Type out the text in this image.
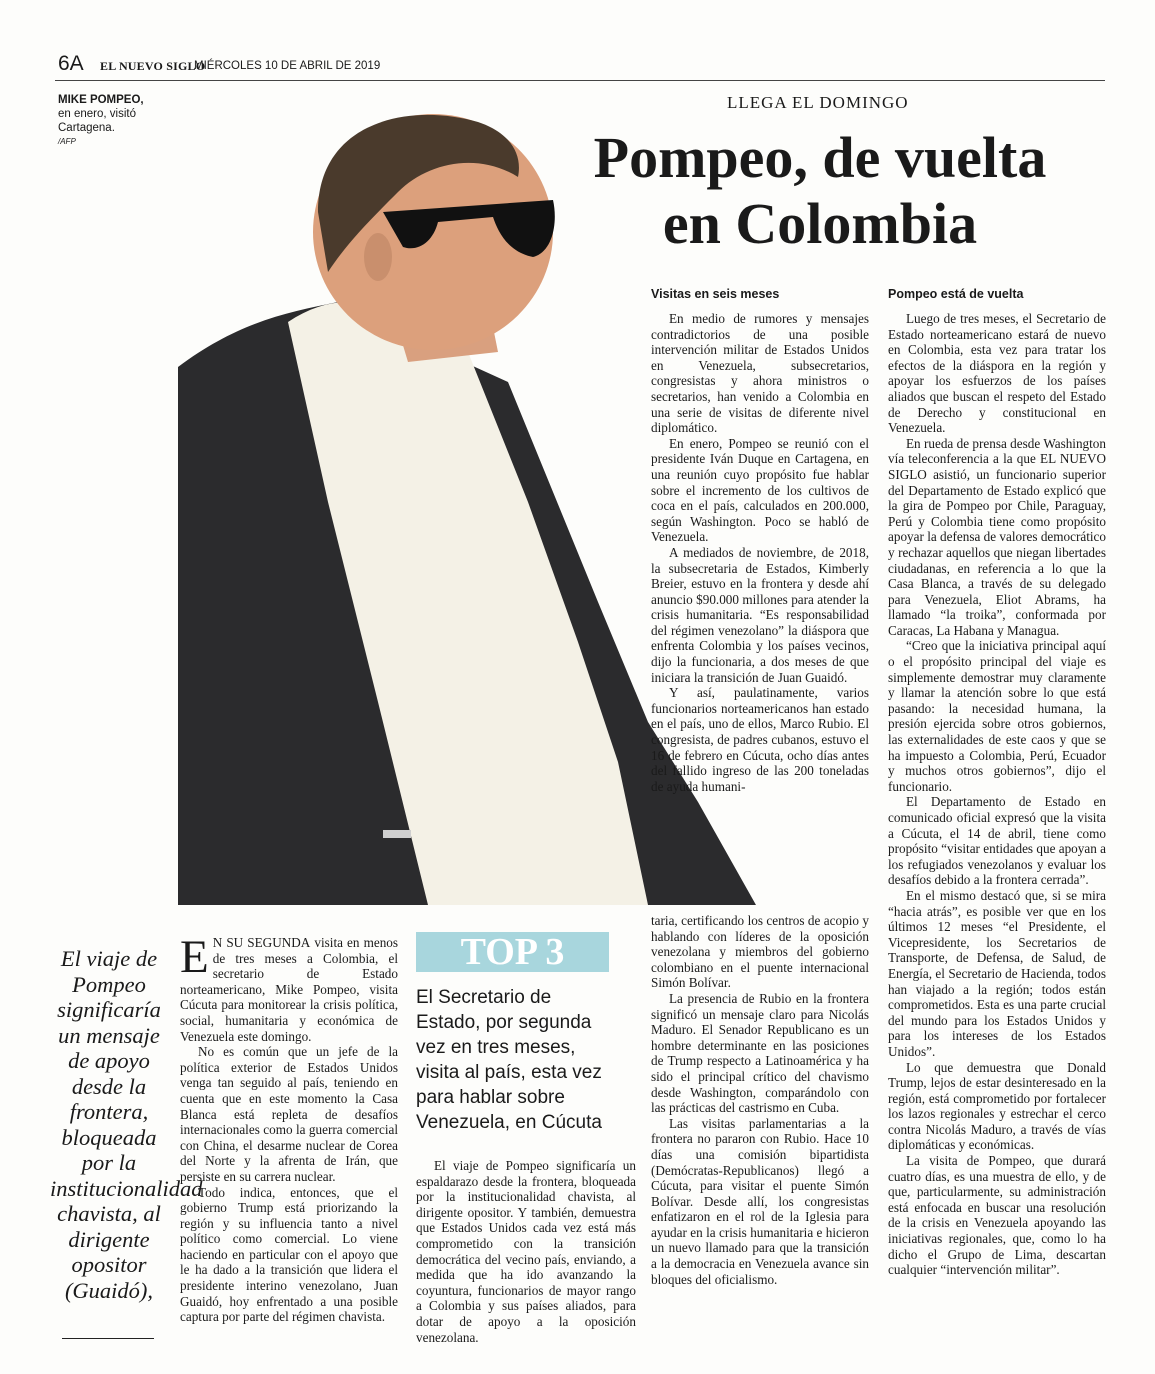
6A EL NUEVO SIGLO
MIÉRCOLES 10 DE ABRIL DE 2019
MIKE POMPEO,
en enero, visitó
Cartagena.
/AFP
LLEGA EL DOMINGO
Pompeo, de vuelta
en Colombia
Visitas en seis meses	Pompeo está de vuelta

En medio de rumores y mensajes contradictorios de una posible intervención militar de Estados Unidos en Venezuela, subsecretarios, congresistas y ahora ministros o secretarios, han venido a Colombia en una serie de visitas de diferente nivel diplomático.

En enero, Pompeo se reunió con el presidente Iván Duque en Cartagena, en una reunión cuyo propósito fue hablar sobre el incremento de los cultivos de coca en el país, calculados en 200.000, según Washington. Poco se habló de Venezuela.

A mediados de noviembre, de 2018, la subsecretaria de Estados, Kimberly Breier, estuvo en la frontera y desde ahí anuncio $90.000 millones para atender la crisis humanitaria. “Es responsabilidad del régimen venezolano” la diáspora que enfrenta Colombia y los países vecinos, dijo la funcionaria, a dos meses de que iniciara la transición de Juan Guaidó.

Y así, paulatinamente, varios funcionarios norteamericanos han estado en el país, uno de ellos, Marco Rubio. El congresista, de padres cubanos, estuvo el 16 de febrero en Cúcuta, ocho días antes del fallido ingreso de las 200 toneladas de ayuda humani-

Luego de tres meses, el Secretario de Estado norteamericano estará de nuevo en Colombia, esta vez para tratar los efectos de la diáspora en la región y apoyar los esfuerzos de los países aliados que buscan el respeto del Estado de Derecho y constitucional en Venezuela.

En rueda de prensa desde Washington vía teleconferencia a la que EL NUEVO SIGLO asistió, un funcionario superior del Departamento de Estado explicó que la gira de Pompeo por Chile, Paraguay, Perú y Colombia tiene como propósito apoyar la defensa de valores democrático y rechazar aquellos que niegan libertades ciudadanas, en referencia a lo que la Casa Blanca, a través de su delegado para Venezuela, Eliot Abrams, ha llamado “la troika”, conformada por Caracas, La Habana y Managua.

“Creo que la iniciativa principal aquí o el propósito principal del viaje es simplemente demostrar muy claramente y llamar la atención sobre lo que está pasando: la necesidad humana, la presión ejercida sobre otros gobiernos, las externalidades de este caos y que se ha impuesto a Colombia, Perú, Ecuador y muchos otros gobiernos”, dijo el funcionario.

El Departamento de Estado en comunicado oficial expresó que la visita a Cúcuta, el 14 de abril, tiene como propósito “visitar entidades que apoyan a los refugiados venezolanos y evaluar los desafíos debido a la frontera cerrada”.

En el mismo destacó que, si se mira “hacia atrás”, es posible ver que en los últimos 12 meses “el Presidente, el Vicepresidente, los Secretarios de Transporte, de Defensa, de Salud, de Energía, el Secretario de Hacienda, todos han viajado a la región; todos están comprometidos. Esta es una parte crucial del mundo para los Estados Unidos y para los intereses de los Estados Unidos”.

Lo que demuestra que Donald Trump, lejos de estar desinteresado en la región, está comprometido por fortalecer los lazos regionales y estrechar el cerco contra Nicolás Maduro, a través de vías diplomáticas y económicas.

La visita de Pompeo, que durará cuatro días, es una muestra de ello, y de que, particularmente, su administración está enfocada en buscar una resolución de la crisis en Venezuela apoyando las iniciativas regionales, que, como lo ha dicho el Grupo de Lima, descartan cualquier “intervención militar”.

El viaje de Pompeo significaría un mensaje de apoyo desde la frontera, bloqueada por la institucionalidad chavista, al dirigente opositor (Guaidó),

E N SU SEGUNDA visita en menos de tres meses a Colombia, el secretario de Estado norteamericano, Mike Pompeo, visita Cúcuta para monitorear la crisis política, social, humanitaria y económica de Venezuela este domingo.

No es común que un jefe de la política exterior de Estados Unidos venga tan seguido al país, teniendo en cuenta que en este momento la Casa Blanca está repleta de desafíos internacionales como la guerra comercial con China, el desarme nuclear de Corea del Norte y la afrenta de Irán, que persiste en su carrera nuclear.

Todo indica, entonces, que el gobierno Trump está priorizando la región y su influencia tanto a nivel político como comercial. Lo viene haciendo en particular con el apoyo que le ha dado a la transición que lidera el presidente interino venezolano, Juan Guaidó, hoy enfrentado a una posible captura por parte del régimen chavista.

TOP 3
El Secretario de Estado, por segunda vez en tres meses, visita al país, esta vez para hablar sobre Venezuela, en Cúcuta

El viaje de Pompeo significaría un espaldarazo desde la frontera, bloqueada por la institucionalidad chavista, al dirigente opositor. Y también, demuestra que Estados Unidos cada vez está más comprometido con la transición democrática del vecino país, enviando, a medida que ha ido avanzando la coyuntura, funcionarios de mayor rango a Colombia y sus países aliados, para dotar de apoyo a la oposición venezolana.

taria, certificando los centros de acopio y hablando con líderes de la oposición venezolana y miembros del gobierno colombiano en el puente internacional Simón Bolívar.

La presencia de Rubio en la frontera significó un mensaje claro para Nicolás Maduro. El Senador Republicano es un hombre determinante en las posiciones de Trump respecto a Latinoamérica y ha sido el principal crítico del chavismo desde Washington, comparándolo con las prácticas del castrismo en Cuba.

Las visitas parlamentarias a la frontera no pararon con Rubio. Hace 10 días una comisión bipartidista (Demócratas-Republicanos) llegó a Cúcuta, para visitar el puente Simón Bolívar. Desde allí, los congresistas enfatizaron en el rol de la Iglesia para ayudar en la crisis humanitaria e hicieron un nuevo llamado para que la transición a la democracia en Venezuela avance sin bloques del oficialismo.
